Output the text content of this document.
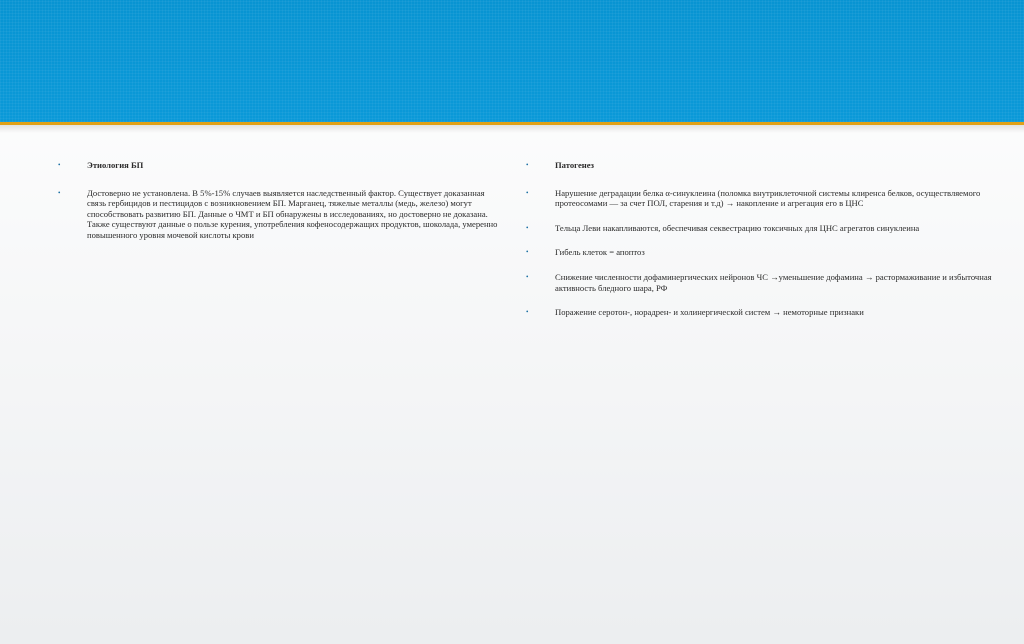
•	Этиология БП
•	Достоверно не установлена. В 5%-15% случаев выявляется наследственный фактор. Существует доказанная связь гербицидов и пестицидов с возникновением БП. Марганец, тяжелые металлы (медь, железо) могут способствовать развитию БП. Данные о ЧМТ и БП обнаружены в исследованиях, но достоверно не доказана. Также существуют данные о пользе курения, употребления кофеносодержащих продуктов, шоколада, умеренно повышенного уровня мочевой кислоты крови
•	Патогенез
•	Нарушение деградации белка α-синуклеина (поломка внутриклеточной системы клиренса белков, осуществляемого протеосомами — за счет ПОЛ, старения и т.д) → накопление и агрегация его в ЦНС
•	Тельца Леви накапливаются, обеспечивая секвестрацию токсичных для ЦНС агрегатов синуклеина
•	Гибель клеток = апоптоз
•	Снижение численности дофаминергических нейронов ЧС →уменьшение дофамина → растормаживание и избыточная активность бледного шара, РФ
•	Поражение серотон-, норадрен- и холинергической систем → немоторные признаки
